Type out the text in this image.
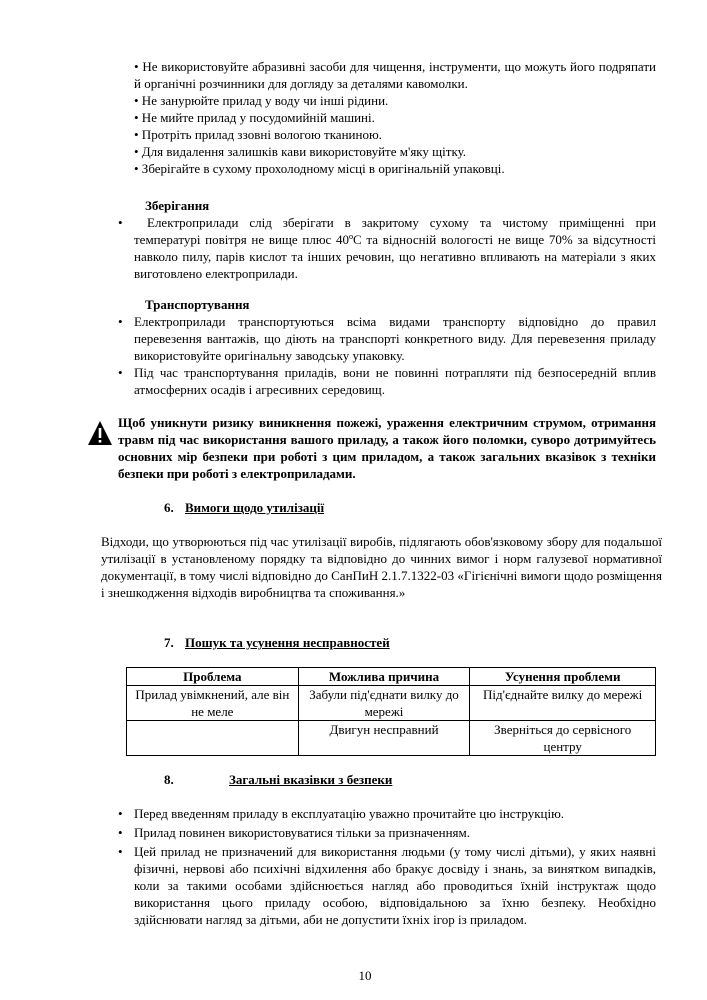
• Не використовуйте абразивні засоби для чищення, інструменти, що можуть його подряпати й органічні розчинники для догляду за деталями кавомолки.
• Не занурюйте прилад у воду чи інші рідини.
• Не мийте прилад у посудомийній машині.
• Протріть прилад ззовні вологою тканиною.
• Для видалення залишків кави використовуйте м'яку щітку.
• Зберігайте в сухому прохолодному місці в оригінальній упаковці.
Зберігання
•	Електроприлади слід зберігати в закритому сухому та чистому приміщенні при температурі повітря не вище плюс 40ºС та відносній вологості не вище 70% за відсутності навколо пилу, парів кислот та інших речовин, що негативно впливають на матеріали з яких виготовлено електроприлади.
Транспортування
• Електроприлади транспортуються всіма видами транспорту відповідно до правил перевезення вантажів, що діють на транспорті конкретного виду. Для перевезення приладу використовуйте оригінальну заводську упаковку.
• Під час транспортування приладів, вони не повинні потрапляти під безпосередній вплив атмосферних осадів і агресивних середовищ.
Щоб уникнути ризику виникнення пожежі, ураження електричним струмом, отримання травм під час використання вашого приладу, а також його поломки, суворо дотримуйтесь основних мір безпеки при роботі з цим приладом, а також загальних вказівок з техніки безпеки при роботі з електроприладами.
6. Вимоги щодо утилізації
Відходи, що утворюються під час утилізації виробів, підлягають обов'язковому збору для подальшої утилізації в установленому порядку та відповідно до чинних вимог і норм галузевої нормативної документації, в тому числі відповідно до СанПиН 2.1.7.1322-03 «Гігієнічні вимоги щодо розміщення і знешкодження відходів виробництва та споживання.»
7. Пошук та усунення несправностей
Проблема	Можлива причина	Усунення проблеми
Прилад увімкнений, але він не меле	Забули під'єднати вилку до мережі	Під'єднайте вилку до мережі
	Двигун несправний	Зверніться до сервісного центру
8.	Загальні вказівки з безпеки
• Перед введенням приладу в експлуатацію уважно прочитайте цю інструкцію.
• Прилад повинен використовуватися тільки за призначенням.
• Цей прилад не призначений для використання людьми (у тому числі дітьми), у яких наявні фізичні, нервові або психічні відхилення або бракує досвіду і знань, за винятком випадків, коли за такими особами здійснюється нагляд або проводиться їхній інструктаж щодо використання цього приладу особою, відповідальною за їхню безпеку. Необхідно здійснювати нагляд за дітьми, аби не допустити їхніх ігор із приладом.
10
